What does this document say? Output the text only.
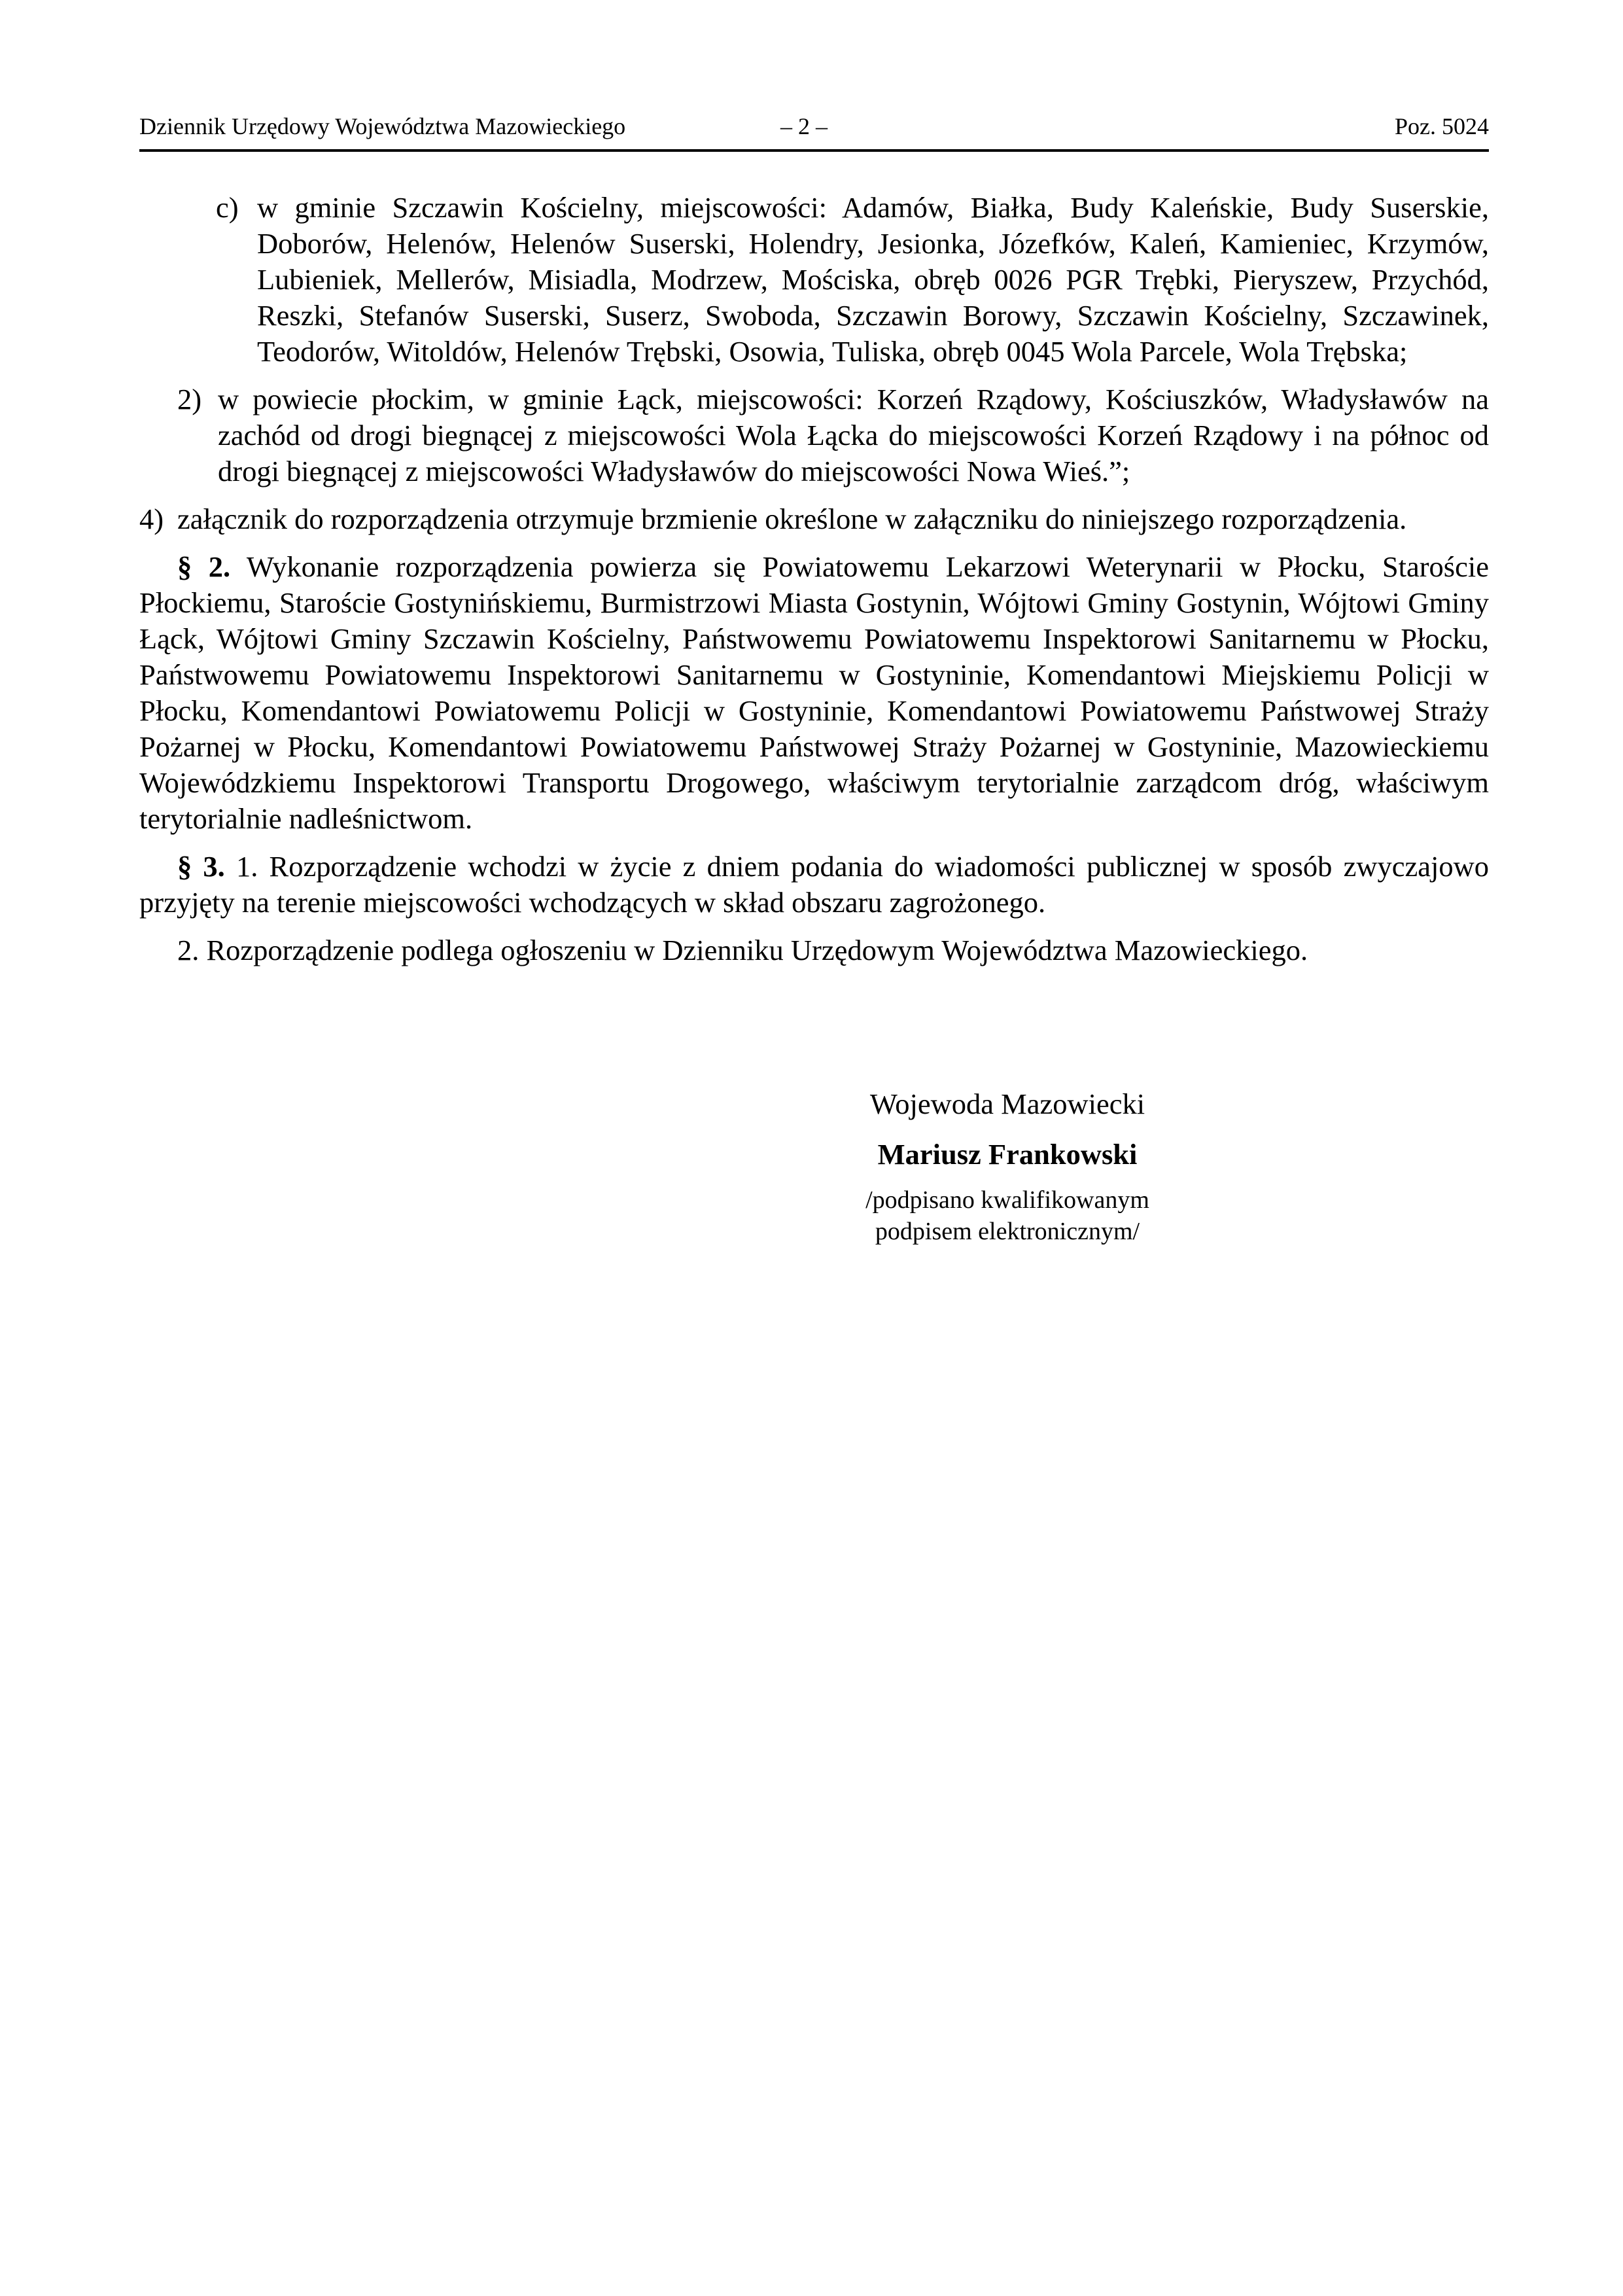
Dziennik Urzędowy Województwa Mazowieckiego	– 2 –	Poz. 5024
c) w gminie Szczawin Kościelny, miejscowości: Adamów, Białka, Budy Kaleńskie, Budy Suserskie, Doborów, Helenów, Helenów Suserski, Holendry, Jesionka, Józefków, Kaleń, Kamieniec, Krzymów, Lubieniek, Mellerów, Misiadla, Modrzew, Mościska, obręb 0026 PGR Trębki, Pieryszew, Przychód, Reszki, Stefanów Suserski, Suserz, Swoboda, Szczawin Borowy, Szczawin Kościelny, Szczawinek, Teodorów, Witoldów, Helenów Trębski, Osowia, Tuliska, obręb 0045 Wola Parcele, Wola Trębska;
2) w powiecie płockim, w gminie Łąck, miejscowości: Korzeń Rządowy, Kościuszków, Władysławów na zachód od drogi biegnącej z miejscowości Wola Łącka do miejscowości Korzeń Rządowy i na północ od drogi biegnącej z miejscowości Władysławów do miejscowości Nowa Wieś.”;
4) załącznik do rozporządzenia otrzymuje brzmienie określone w załączniku do niniejszego rozporządzenia.

§ 2. Wykonanie rozporządzenia powierza się Powiatowemu Lekarzowi Weterynarii w Płocku, Staroście Płockiemu, Staroście Gostynińskiemu, Burmistrzowi Miasta Gostynin, Wójtowi Gminy Gostynin, Wójtowi Gminy Łąck, Wójtowi Gminy Szczawin Kościelny, Państwowemu Powiatowemu Inspektorowi Sanitarnemu w Płocku, Państwowemu Powiatowemu Inspektorowi Sanitarnemu w Gostyninie, Komendantowi Miejskiemu Policji w Płocku, Komendantowi Powiatowemu Policji w Gostyninie, Komendantowi Powiatowemu Państwowej Straży Pożarnej w Płocku, Komendantowi Powiatowemu Państwowej Straży Pożarnej w Gostyninie, Mazowieckiemu Wojewódzkiemu Inspektorowi Transportu Drogowego, właściwym terytorialnie zarządcom dróg, właściwym terytorialnie nadleśnictwom.

§ 3. 1. Rozporządzenie wchodzi w życie z dniem podania do wiadomości publicznej w sposób zwyczajowo przyjęty na terenie miejscowości wchodzących w skład obszaru zagrożonego.

2. Rozporządzenie podlega ogłoszeniu w Dzienniku Urzędowym Województwa Mazowieckiego.

Wojewoda Mazowiecki
Mariusz Frankowski
/podpisano kwalifikowanym
podpisem elektronicznym/
